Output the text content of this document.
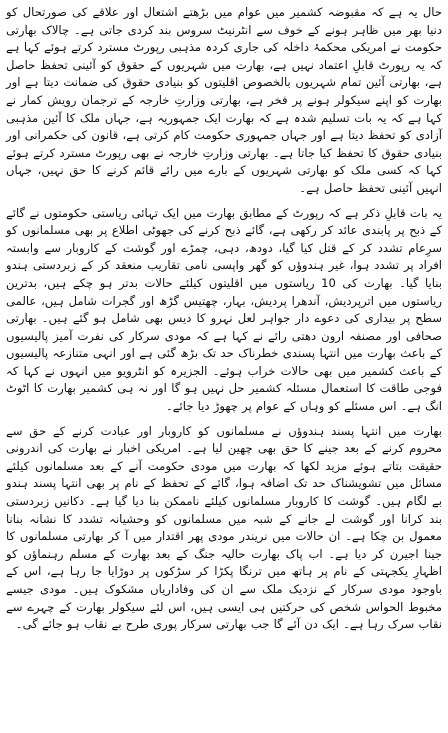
حال یہ ہے کہ مقبوضہ کشمیر میں عوام میں بڑھتے اشتعال اور علاقے کی صورتحال کو دنیا بھر میں ظاہر ہونے کے خوف سے انٹرنیٹ سروس بند کردی جاتی ہے۔ چالاک بھارتی حکومت نے امریکی محکمۂ داخلہ کی جاری کردہ مذہبی رپورٹ مسترد کرتے ہوئے کہا ہے کہ یہ رپورٹ قابلِ اعتماد نہیں ہے، بھارت میں شہریوں کے حقوق کو آئینی تحفظ حاصل ہے، بھارتی آئین تمام شہریوں بالخصوص اقلیتوں کو بنیادی حقوق کی ضمانت دیتا ہے اور بھارت کو اپنے سیکولر ہونے پر فخر ہے، بھارتی وزارتِ خارجہ کے ترجمان رویش کمار نے کہا ہے کہ یہ بات تسلیم شدہ ہے کہ بھارت ایک جمہوریہ ہے، جہاں ملک کا آئین مذہبی آزادی کو تحفظ دیتا ہے اور جہاں جمہوری حکومت کام کرتی ہے، قانون کی حکمرانی اور بنیادی حقوق کا تحفظ کیا جاتا ہے۔ بھارتی وزارتِ خارجہ نے بھی رپورٹ مسترد کرتے ہوئے کہا کہ کسی ملک کو بھارتی شہریوں کے بارے میں رائے قائم کرنے کا حق نہیں، جہاں انہیں آئینی تحفظ حاصل ہے۔

یہ بات قابلِ ذکر ہے کہ رپورٹ کے مطابق بھارت میں ایک تہائی ریاستی حکومتوں نے گائے کے ذبح پر پابندی عائد کر رکھی ہے، گائے ذبح کرنے کی جھوٹی اطلاع پر بھی مسلمانوں کو سرِعام تشدد کر کے قتل کیا گیا، دودھ، دہی، چمڑے اور گوشت کے کاروبار سے وابستہ افراد پر تشدد ہوا، غیر ہندوؤں کو گھر واپسی نامی تقاریب منعقد کر کے زبردستی ہندو بنایا گیا۔ بھارت کی 10 ریاستوں میں اقلیتوں کیلئے حالات بدتر ہو چکے ہیں، بدترین ریاستوں میں اترپردیش، آندھرا پردیش، بہار، چھتیس گڑھ اور گجرات شامل ہیں، عالمی سطح پر بیداری کی دعوے دار جواہر لعل نہرو کا دیس بھی شامل ہو گئے ہیں۔ بھارتی صحافی اور مصنفہ ارون دھتی رائے نے کہا ہے کہ مودی سرکار کی نفرت آمیز پالیسیوں کے باعث بھارت میں انتہا پسندی خطرناک حد تک بڑھ گئی ہے اور انہی متنازعہ پالیسیوں کے باعث کشمیر میں بھی حالات خراب ہوئے۔ الجزیرہ کو انٹرویو میں انہوں نے کہا کہ فوجی طاقت کا استعمال مسئلہ کشمیر حل نہیں ہو گا اور نہ ہی کشمیر بھارت کا اٹوٹ انگ ہے۔ اس مسئلے کو وہاں کے عوام پر چھوڑ دیا جائے۔

بھارت میں انتہا پسند ہندوؤں نے مسلمانوں کو کاروبار اور عبادت کرنے کے حق سے محروم کرنے کے بعد جینے کا حق بھی چھین لیا ہے۔ امریکی اخبار نے بھارت کی اندرونی حقیقت بتاتے ہوئے مزید لکھا کہ بھارت میں مودی حکومت آنے کے بعد مسلمانوں کیلئے مسائل میں تشویشناک حد تک اضافہ ہوا، گائے کے تحفظ کے نام پر بھی انتہا پسند ہندو بے لگام ہیں۔ گوشت کا کاروبار مسلمانوں کیلئے ناممکن بنا دیا گیا ہے۔ دکانیں زبردستی بند کرانا اور گوشت لے جانے کے شبہ میں مسلمانوں کو وحشیانہ تشدد کا نشانہ بنانا معمول بن چکا ہے۔ ان حالات میں نریندر مودی پھر اقتدار میں آ کر بھارتی مسلمانوں کا جینا اجیرن کر دیا ہے۔ اب پاک بھارت حالیہ جنگ کے بعد بھارت کے مسلم رہنماؤں کو اظہارِ یکجہتی کے نام پر ہاتھ میں ترنگا پکڑا کر سڑکوں پر دوڑایا جا رہا ہے، اس کے باوجود مودی سرکار کے نزدیک ملک سے ان کی وفاداریاں مشکوک ہیں۔ مودی جیسے مخبوط الحواس شخص کی حرکتیں ہی ایسی ہیں، اس لئے سیکولر بھارت کے چہرے سے نقاب سرک رہا ہے۔ ایک دن آئے گا جب بھارتی سرکار پوری طرح بے نقاب ہو جائے گی۔
